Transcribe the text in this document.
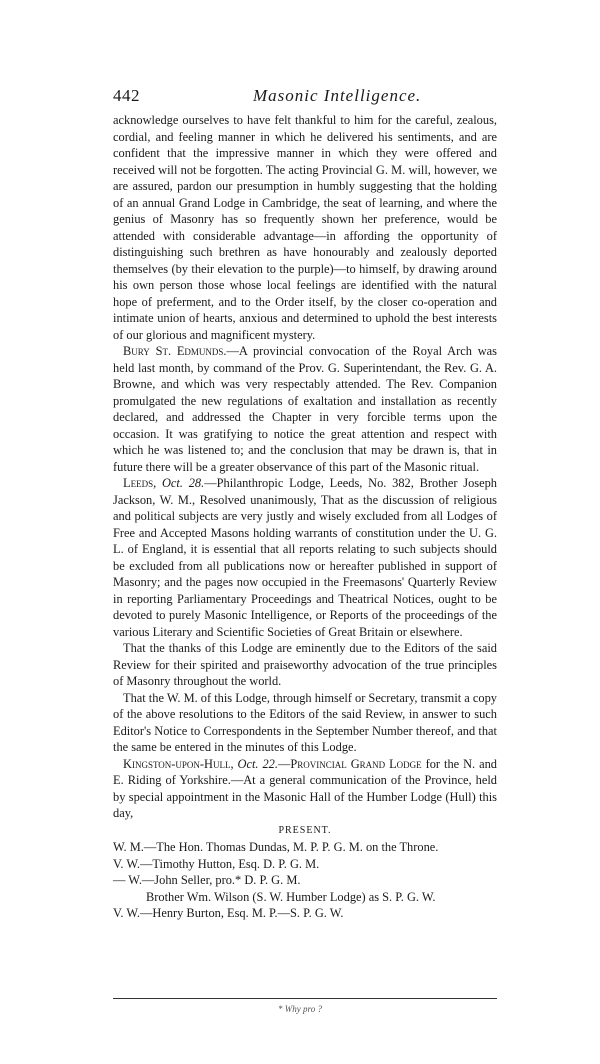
442	Masonic Intelligence.

acknowledge ourselves to have felt thankful to him for the careful, zealous, cordial, and feeling manner in which he delivered his sentiments, and are confident that the impressive manner in which they were offered and received will not be forgotten. The acting Provincial G. M. will, however, we are assured, pardon our presumption in humbly suggesting that the holding of an annual Grand Lodge in Cambridge, the seat of learning, and where the genius of Masonry has so frequently shown her preference, would be attended with considerable advantage—in affording the opportunity of distinguishing such brethren as have honourably and zealously deported themselves (by their elevation to the purple)—to himself, by drawing around his own person those whose local feelings are identified with the natural hope of preferment, and to the Order itself, by the closer co-operation and intimate union of hearts, anxious and determined to uphold the best interests of our glorious and magnificent mystery.

Bury St. Edmunds.—A provincial convocation of the Royal Arch was held last month, by command of the Prov. G. Superintendant, the Rev. G. A. Browne, and which was very respectably attended. The Rev. Companion promulgated the new regulations of exaltation and installation as recently declared, and addressed the Chapter in very forcible terms upon the occasion. It was gratifying to notice the great attention and respect with which he was listened to; and the conclusion that may be drawn is, that in future there will be a greater observance of this part of the Masonic ritual.

Leeds, Oct. 28.—Philanthropic Lodge, Leeds, No. 382, Brother Joseph Jackson, W. M., Resolved unanimously, That as the discussion of religious and political subjects are very justly and wisely excluded from all Lodges of Free and Accepted Masons holding warrants of constitution under the U. G. L. of England, it is essential that all reports relating to such subjects should be excluded from all publications now or hereafter published in support of Masonry; and the pages now occupied in the Freemasons' Quarterly Review in reporting Parliamentary Proceedings and Theatrical Notices, ought to be devoted to purely Masonic Intelligence, or Reports of the proceedings of the various Literary and Scientific Societies of Great Britain or elsewhere.

That the thanks of this Lodge are eminently due to the Editors of the said Review for their spirited and praiseworthy advocation of the true principles of Masonry throughout the world.

That the W. M. of this Lodge, through himself or Secretary, transmit a copy of the above resolutions to the Editors of the said Review, in answer to such Editor's Notice to Correspondents in the September Number thereof, and that the same be entered in the minutes of this Lodge.

Kingston-upon-Hull, Oct. 22.—Provincial Grand Lodge for the N. and E. Riding of Yorkshire.—At a general communication of the Province, held by special appointment in the Masonic Hall of the Humber Lodge (Hull) this day,

PRESENT.
W. M.—The Hon. Thomas Dundas, M. P. P. G. M. on the Throne.
V. W.—Timothy Hutton, Esq. D. P. G. M.
— W.—John Seller, pro.* D. P. G. M.
Brother Wm. Wilson (S. W. Humber Lodge) as S. P. G. W.
V. W.—Henry Burton, Esq. M. P.—S. P. G. W.
* Why pro ?
